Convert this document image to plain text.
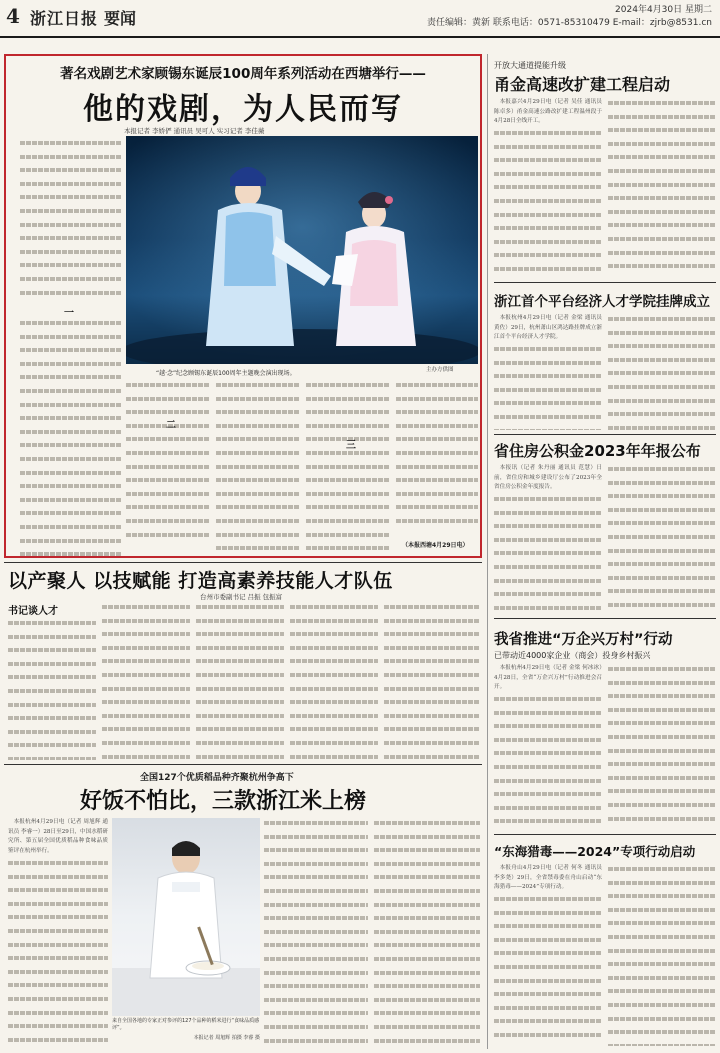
4 浙江日报 要闻	2024年4月30日 星期二
责任编辑：黄新 联系电话：0571-85310479 E-mail：zjrb@8531.cn
著名戏剧艺术家顾锡东诞辰100周年系列活动在西塘举行——
他的戏剧，为人民而写
本报记者 李娇俨 通讯员 吴可人 实习记者 李佳薇
一
主办方供图
“越·念”纪念顾锡东诞辰100周年主题晚会演出现场。
二
三
（本报西塘4月29日电）
开放大通道提能升级
甬金高速改扩建工程启动

本报嘉兴4月29日电（记者 吴佳 通讯员 陈卓多）甬金高速公路改扩建工程温州段于4月28日全线开工。

浙江首个平台经济人才学院挂牌成立

本报杭州4月29日电（记者 金梁 通讯员 黄佐）29日，杭州萧山区鸿达路挂牌成立浙江首个平台经济人才学院。

省住房公积金2023年年报公布

本报讯（记者 朱丹丽 通讯员 范慧）日前，省住房和城乡建设厅公布了2023年全省住房公积金年度报告。

以产聚人 以技赋能 打造高素养技能人才队伍
台州市委副书记 吕振 包振富
书记谈人才
全国127个优质稻品种齐聚杭州争高下
好饭不怕比，三款浙江米上榜

本报杭州4月29日电（记者 周旭辉 通讯员 李睿一）28日至29日，中国水稻研究所、第五届全国优质稻品种食味品质鉴评在杭州举行。

来自全国各地的专家正对参评的127个品种的稻米进行“食味品质感评”。
本报记者 周旭辉 拍摄 李睿 摄
我省推进“万企兴万村”行动
已带动近4000家企业（商会）投身乡村振兴

本报杭州4月29日电（记者 金梁 何冰冰）4月28日，全省“万企兴万村”行动推进会召开。

“东海猎毒——2024”专项行动启动

本报舟山4月29日电（记者 何冬 通讯员 李多尧）29日，全省禁毒委在舟山启动“东海猎毒——2024”专项行动。
